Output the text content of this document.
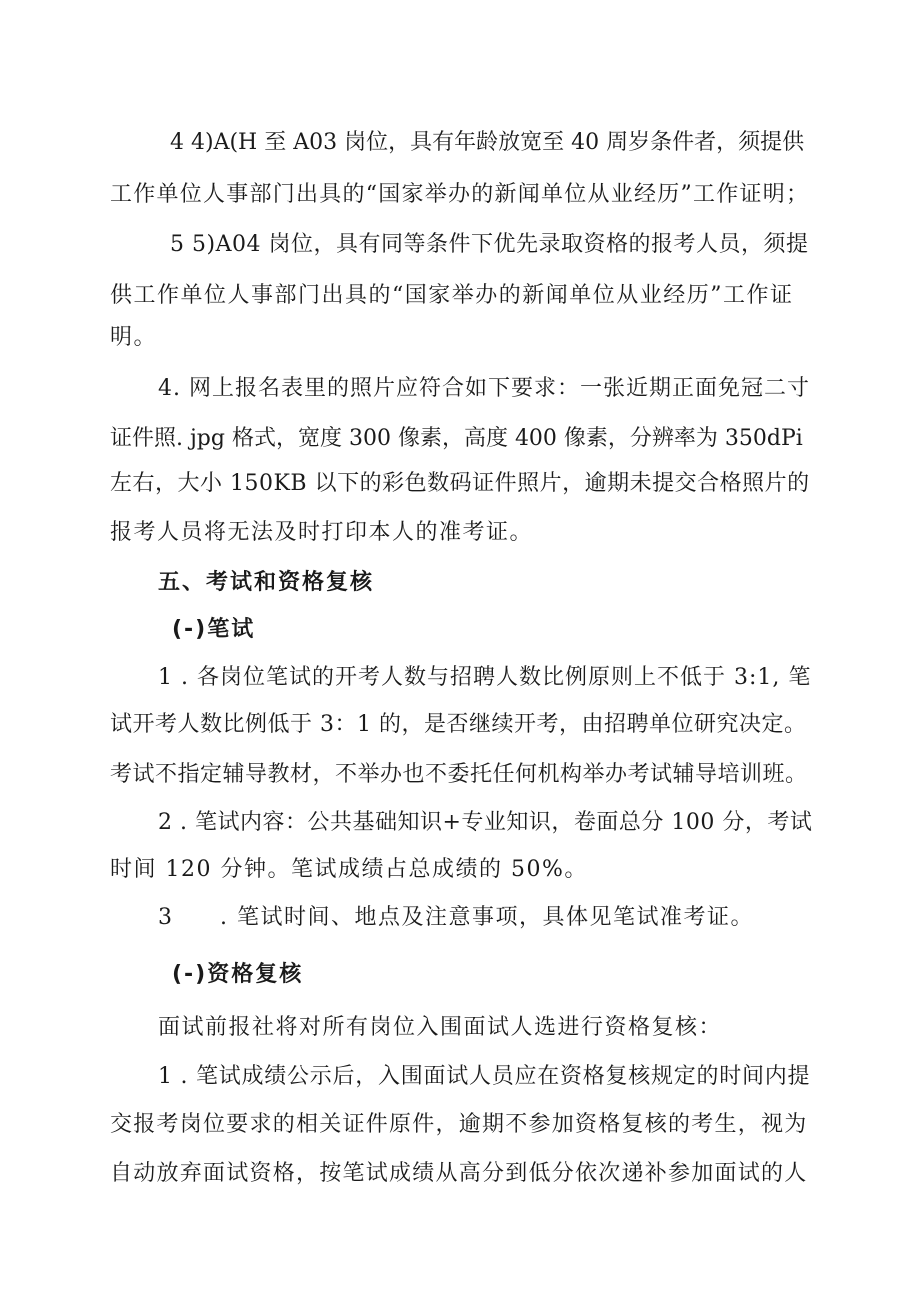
4 4)A(H 至 A03 岗位，具有年龄放宽至 40 周岁条件者，须提供
工作单位人事部门出具的“国家举办的新闻单位从业经历”工作证明；
5 5)A04 岗位，具有同等条件下优先录取资格的报考人员，须提
供工作单位人事部门出具的“国家举办的新闻单位从业经历”工作证
明。
4. 网上报名表里的照片应符合如下要求：一张近期正面免冠二寸
证件照. jpg 格式，宽度 300 像素，高度 400 像素，分辨率为 350dPi
左右，大小 150KB 以下的彩色数码证件照片，逾期未提交合格照片的
报考人员将无法及时打印本人的准考证。
五、考试和资格复核
(-)笔试
1 . 各岗位笔试的开考人数与招聘人数比例原则上不低于 3:1, 笔
试开考人数比例低于 3：1 的，是否继续开考，由招聘单位研究决定。
考试不指定辅导教材，不举办也不委托任何机构举办考试辅导培训班。
2 . 笔试内容：公共基础知识+专业知识，卷面总分 100 分，考试
时间 120 分钟。笔试成绩占总成绩的 50%。
3 . 笔试时间、地点及注意事项，具体见笔试准考证。
(-)资格复核
面试前报社将对所有岗位入围面试人选进行资格复核：
1 . 笔试成绩公示后，入围面试人员应在资格复核规定的时间内提
交报考岗位要求的相关证件原件，逾期不参加资格复核的考生，视为
自动放弃面试资格，按笔试成绩从高分到低分依次递补参加面试的人
